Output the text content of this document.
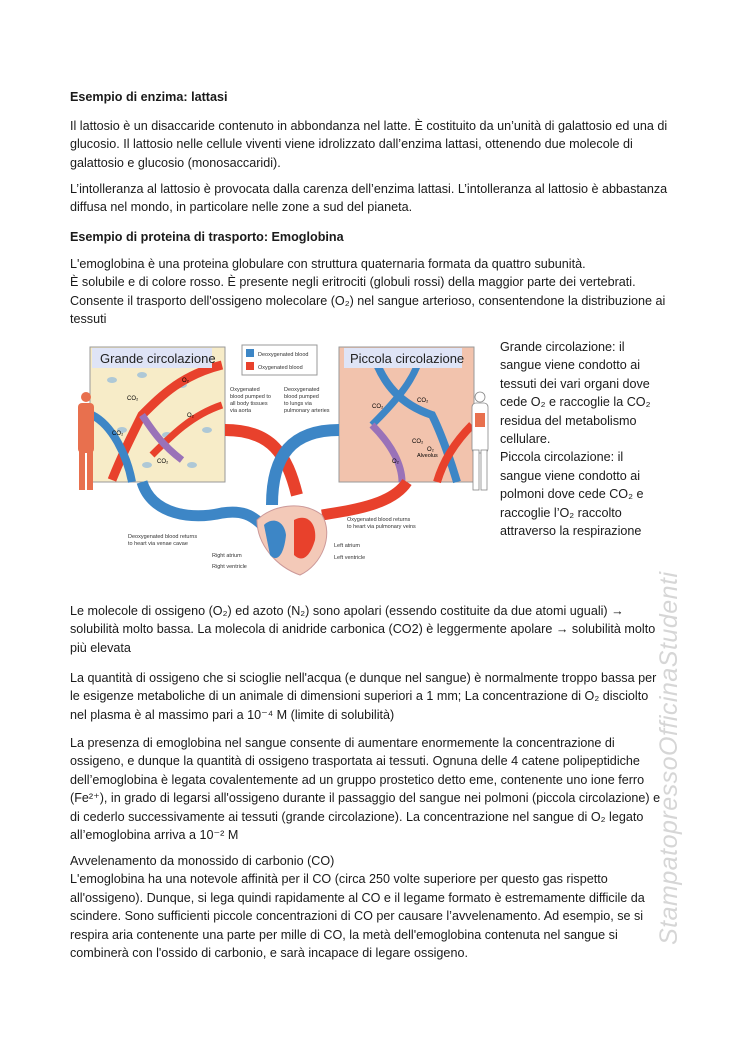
Esempio di enzima: lattasi

Il lattosio è un disaccaride contenuto in abbondanza nel latte. È costituito da un’unità di galattosio ed una di glucosio. Il lattosio nelle cellule viventi viene idrolizzato dall’enzima lattasi, ottenendo due molecole di galattosio e glucosio (monosaccaridi).

L’intolleranza al lattosio è provocata dalla carenza dell’enzima lattasi. L’intolleranza al lattosio è abbastanza diffusa nel mondo, in particolare nelle zone a sud del pianeta.

Esempio di proteina di trasporto: Emoglobina

L'emoglobina è una proteina globulare con struttura quaternaria formata da quattro subunità.

È solubile e di colore rosso. È presente negli eritrociti (globuli rossi) della maggior parte dei vertebrati.

Consente il trasporto dell'ossigeno molecolare (O₂) nel sangue arterioso, consentendone la distribuzione ai tessuti

Grande circolazione
CO₂
O₂
O₂
CO₂
CO₂
Deoxygenated blood
Oxygenated blood
Piccola circolazione
CO₂
CO₂
CO₂
O₂
O₂
Alveolus
Oxygenated
blood pumped to
all body tissues
via aorta
Deoxygenated
blood pumped
to lungs via
pulmonary arteries
Deoxygenated blood returns
to heart via venae cavae
Oxygenated blood returns
to heart via pulmonary veins
Right atrium
Right ventricle
Left atrium
Left ventricle

Grande circolazione: il sangue viene condotto ai tessuti dei vari organi dove cede O₂ e raccoglie la CO₂ residua del metabolismo cellulare.

Piccola circolazione: il sangue viene condotto ai polmoni dove cede CO₂ e raccoglie l’O₂ raccolto attraverso la respirazione

Le molecole di ossigeno (O₂) ed azoto (N₂) sono apolari (essendo costituite da due atomi uguali) → solubilità molto bassa. La molecola di anidride carbonica (CO2) è leggermente apolare → solubilità molto più elevata

La quantità di ossigeno che si scioglie nell'acqua (e dunque nel sangue) è normalmente troppo bassa per le esigenze metaboliche di un animale di dimensioni superiori a 1 mm; La concentrazione di O₂ disciolto nel plasma è al massimo pari a 10⁻⁴ M (limite di solubilità)

La presenza di emoglobina nel sangue consente di aumentare enormemente la concentrazione di ossigeno, e dunque la quantità di ossigeno trasportata ai tessuti. Ognuna delle 4 catene polipeptidiche dell’emoglobina è legata covalentemente ad un gruppo prostetico detto eme, contenente uno ione ferro (Fe²⁺), in grado di legarsi all'ossigeno durante il passaggio del sangue nei polmoni (piccola circolazione) e di cederlo successivamente ai tessuti (grande circolazione). La concentrazione nel sangue di O₂ legato all’emoglobina arriva a 10⁻² M

Avvelenamento da monossido di carbonio (CO)

L'emoglobina ha una notevole affinità per il CO (circa 250 volte superiore per questo gas rispetto all'ossigeno). Dunque, si lega quindi rapidamente al CO e il legame formato è estremamente difficile da scindere. Sono sufficienti piccole concentrazioni di CO per causare l’avvelenamento. Ad esempio, se si respira aria contenente una parte per mille di CO, la metà dell'emoglobina contenuta nel sangue si combinerà con l'ossido di carbonio, e sarà incapace di legare ossigeno.

StampatopressoOfficinaStudenti
